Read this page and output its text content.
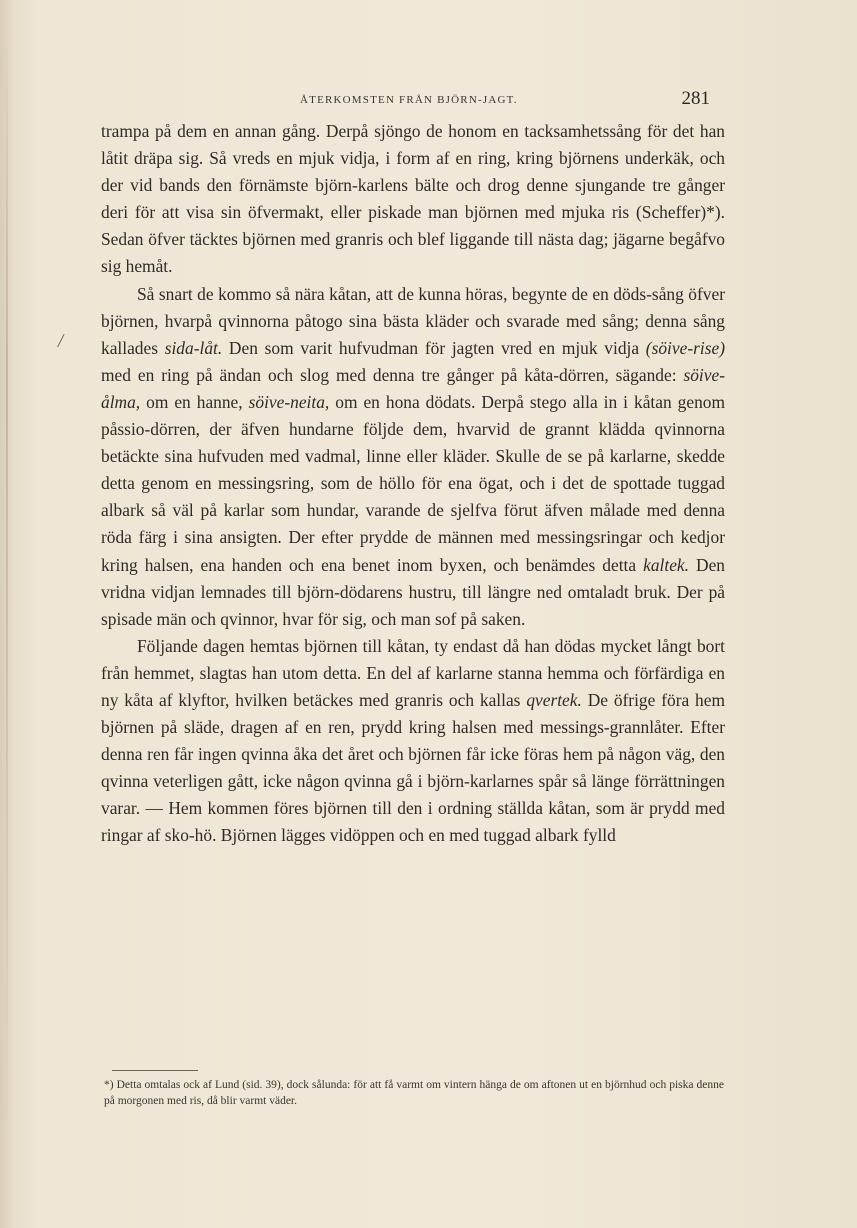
/
ÅTERKOMSTEN FRÅN BJÖRN-JAGT.	281

trampa på dem en annan gång. Derpå sjöngo de honom en tacksamhetssång för det han låtit dräpa sig. Så vreds en mjuk vidja, i form af en ring, kring björnens underkäk, och der vid bands den förnämste björn-karlens bälte och drog denne sjungande tre gånger deri för att visa sin öfvermakt, eller piskade man björnen med mjuka ris (Scheffer)*). Sedan öfver täcktes björnen med granris och blef liggande till nästa dag; jägarne begåfvo sig hemåt.

Så snart de kommo så nära kåtan, att de kunna höras, begynte de en döds-sång öfver björnen, hvarpå qvinnorna påtogo sina bästa kläder och svarade med sång; denna sång kallades sida-låt. Den som varit hufvudman för jagten vred en mjuk vidja (söive-rise) med en ring på ändan och slog med denna tre gånger på kåta-dörren, sägande: söive-ålma, om en hanne, söive-neita, om en hona dödats. Derpå stego alla in i kåtan genom påssio-dörren, der äfven hundarne följde dem, hvarvid de grannt klädda qvinnorna betäckte sina hufvuden med vadmal, linne eller kläder. Skulle de se på karlarne, skedde detta genom en messingsring, som de höllo för ena ögat, och i det de spottade tuggad albark så väl på karlar som hundar, varande de sjelfva förut äfven målade med denna röda färg i sina ansigten. Der efter prydde de männen med messingsringar och kedjor kring halsen, ena handen och ena benet inom byxen, och benämdes detta kaltek. Den vridna vidjan lemnades till björn-dödarens hustru, till längre ned omtaladt bruk. Der på spisade män och qvinnor, hvar för sig, och man sof på saken.

Följande dagen hemtas björnen till kåtan, ty endast då han dödas mycket långt bort från hemmet, slagtas han utom detta. En del af karlarne stanna hemma och förfärdiga en ny kåta af klyftor, hvilken betäckes med granris och kallas qvertek. De öfrige föra hem björnen på släde, dragen af en ren, prydd kring halsen med messings-grannlåter. Efter denna ren får ingen qvinna åka det året och björnen får icke föras hem på någon väg, den qvinna veterligen gått, icke någon qvinna gå i björn-karlarnes spår så länge förrättningen varar. — Hem kommen föres björnen till den i ordning ställda kåtan, som är prydd med ringar af sko-hö. Björnen lägges vidöppen och en med tuggad albark fylld

*) Detta omtalas ock af Lund (sid. 39), dock sålunda: för att få varmt om vintern hänga de om aftonen ut en björnhud och piska denne på morgonen med ris, då blir varmt väder.
